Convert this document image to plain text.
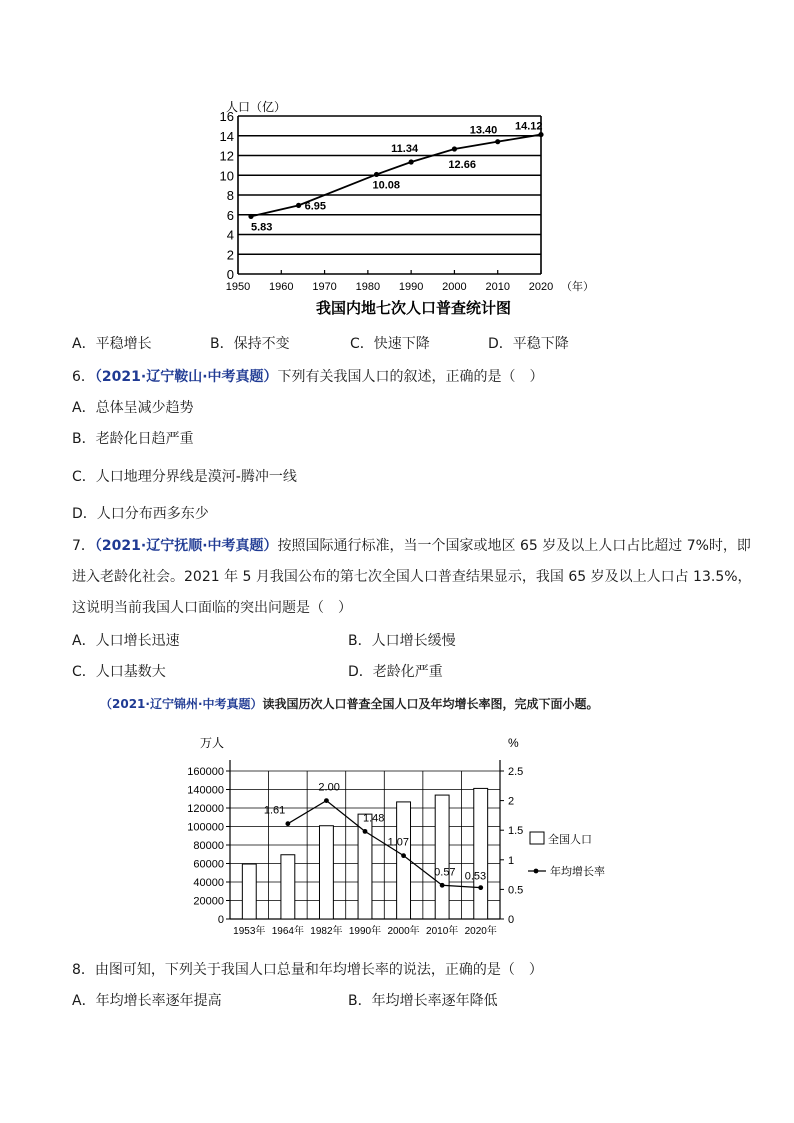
0
2
4
6
8
10
12
14
16
1950 1960 1970 1980 1990 2000 2010 2020 （年）
人口（亿）
5.83
6.95
10.08
11.34
12.66
13.40 14.12
我国内地七次人口普查统计图
A．平稳增长	B．保持不变	C．快速下降	D．平稳下降
6．（2021·辽宁鞍山·中考真题）下列有关我国人口的叙述，正确的是（　）
A．总体呈减少趋势
B．老龄化日趋严重
C．人口地理分界线是漠河-腾冲一线
D．人口分布西多东少
7．（2021·辽宁抚顺·中考真题）按照国际通行标准，当一个国家或地区 65 岁及以上人口占比超过 7%时，即
进入老龄化社会。2021 年 5 月我国公布的第七次全国人口普查结果显示，我国 65 岁及以上人口占 13.5%，
这说明当前我国人口面临的突出问题是（　）
A．人口增长迅速	B．人口增长缓慢
C．人口基数大	D．老龄化严重
（2021·辽宁锦州·中考真题）读我国历次人口普查全国人口及年均增长率图，完成下面小题。
0
20000
40000
60000
80000
100000
120000
140000
160000
0
0.5
1
1.5
2
2.5
万人	%
1953年 1964年 1982年 1990年 2000年 2010年 2020年
1.61
2.00
1.48
1.07
0.57 0.53
全国人口
年均增长率
8．由图可知，下列关于我国人口总量和年均增长率的说法，正确的是（　）
A．年均增长率逐年提高	B．年均增长率逐年降低
